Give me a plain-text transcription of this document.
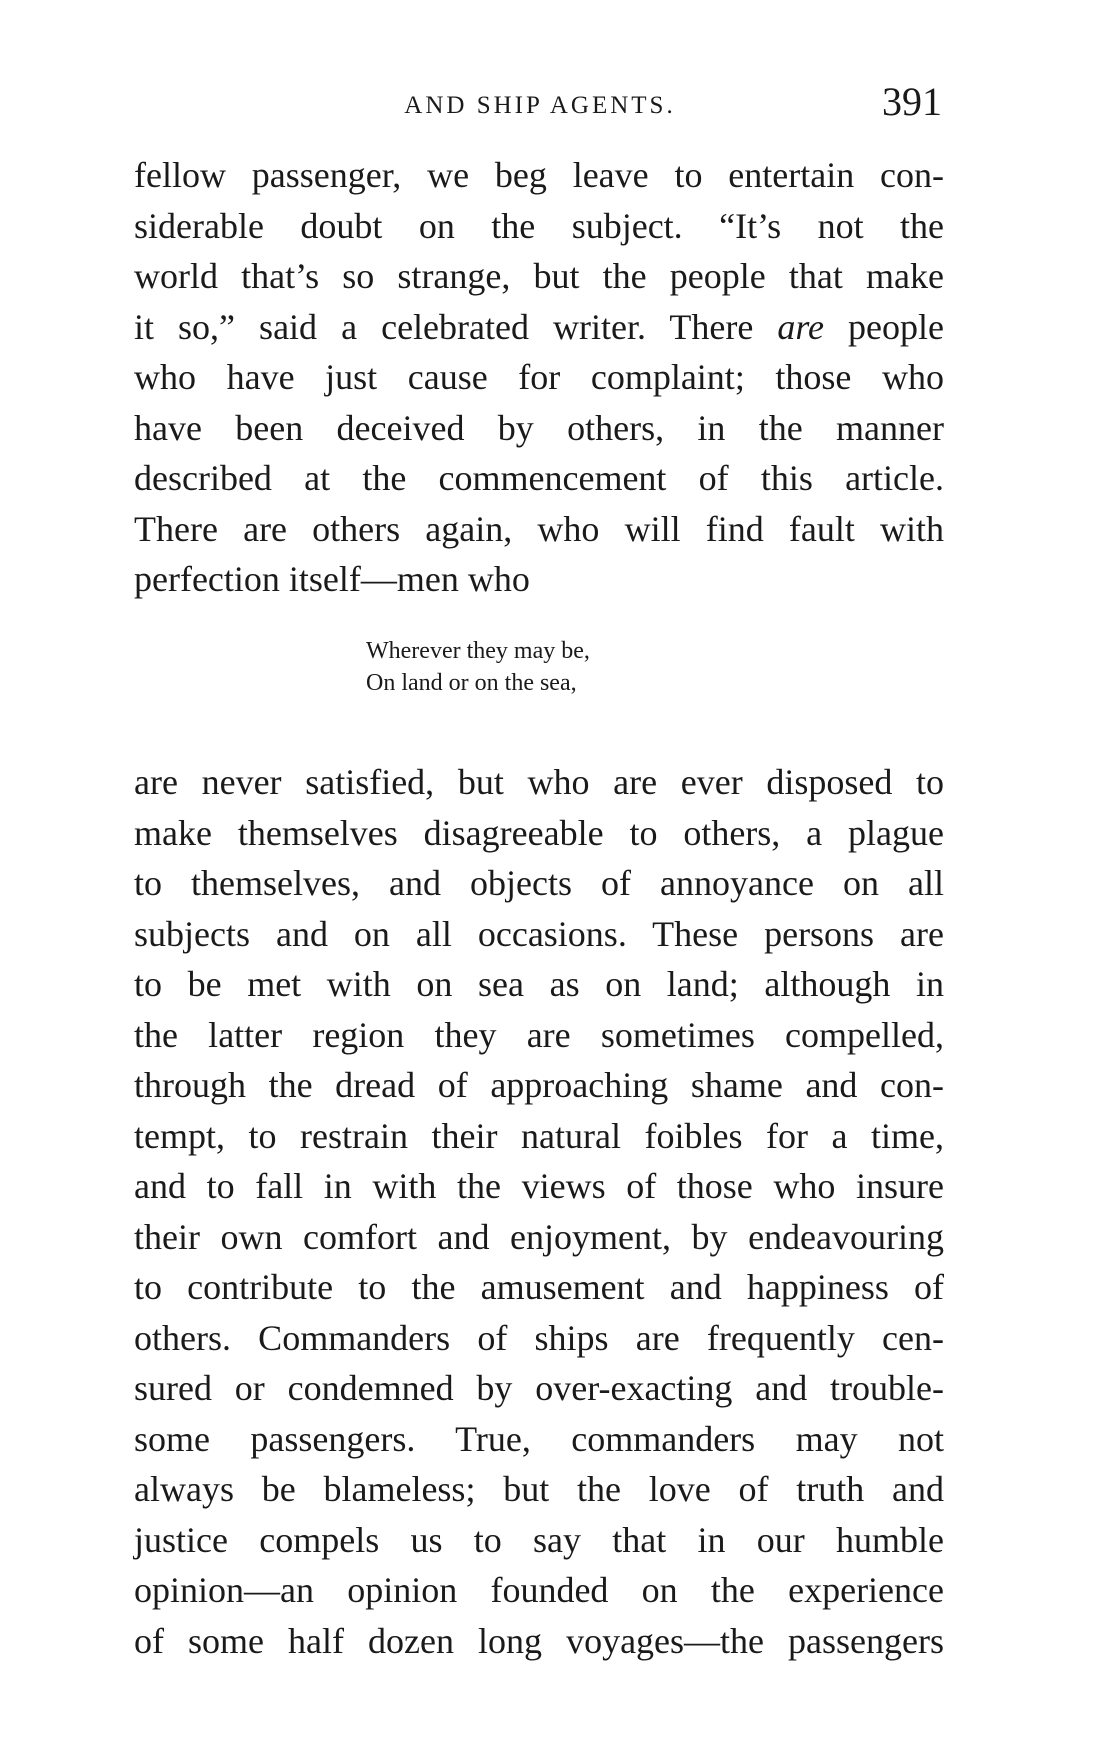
AND SHIP AGENTS.	391

fellow passenger, we beg leave to entertain con-
siderable doubt on the subject. “It’s not the
world that’s so strange, but the people that make
it so,” said a celebrated writer. There are people
who have just cause for complaint; those who
have been deceived by others, in the manner
described at the commencement of this article.
There are others again, who will find fault with
perfection itself—men who

Wherever they may be,
On land or on the sea,

are never satisfied, but who are ever disposed to
make themselves disagreeable to others, a plague
to themselves, and objects of annoyance on all
subjects and on all occasions. These persons are
to be met with on sea as on land; although in
the latter region they are sometimes compelled,
through the dread of approaching shame and con-
tempt, to restrain their natural foibles for a time,
and to fall in with the views of those who insure
their own comfort and enjoyment, by endeavouring
to contribute to the amusement and happiness of
others. Commanders of ships are frequently cen-
sured or condemned by over-exacting and trouble-
some passengers. True, commanders may not
always be blameless; but the love of truth and
justice compels us to say that in our humble
opinion—an opinion founded on the experience
of some half dozen long voyages—the passengers
